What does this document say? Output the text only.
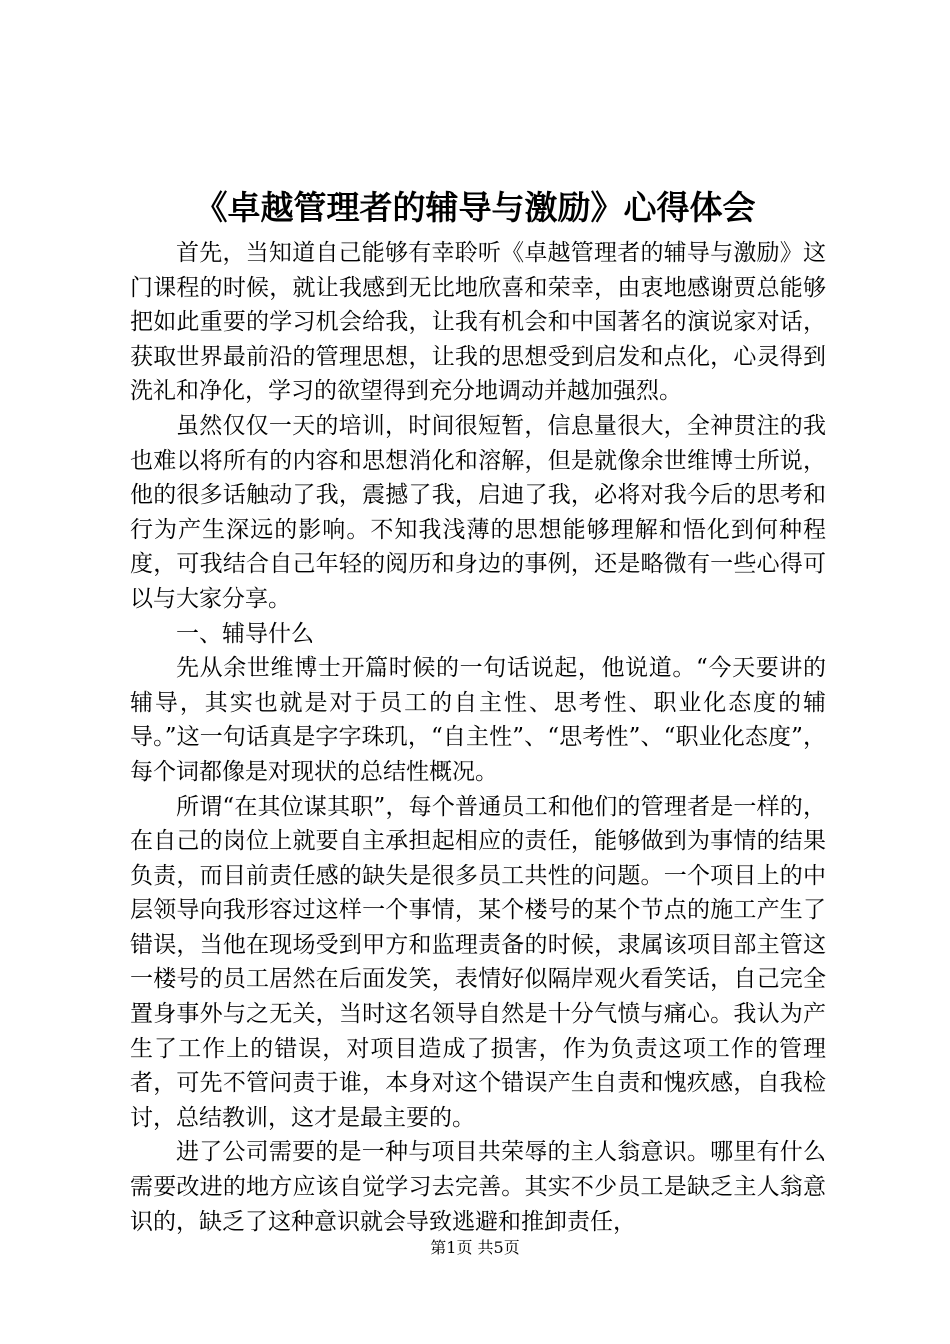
《卓越管理者的辅导与激励》心得体会

首先，当知道自己能够有幸聆听《卓越管理者的辅导与激励》这门课程的时候，就让我感到无比地欣喜和荣幸，由衷地感谢贾总能够把如此重要的学习机会给我，让我有机会和中国著名的演说家对话，获取世界最前沿的管理思想，让我的思想受到启发和点化，心灵得到洗礼和净化，学习的欲望得到充分地调动并越加强烈。

虽然仅仅一天的培训，时间很短暂，信息量很大，全神贯注的我也难以将所有的内容和思想消化和溶解，但是就像余世维博士所说，他的很多话触动了我，震撼了我，启迪了我，必将对我今后的思考和行为产生深远的影响。不知我浅薄的思想能够理解和悟化到何种程度，可我结合自己年轻的阅历和身边的事例，还是略微有一些心得可以与大家分享。

一、辅导什么

先从余世维博士开篇时候的一句话说起，他说道。“今天要讲的辅导，其实也就是对于员工的自主性、思考性、职业化态度的辅导。”这一句话真是字字珠玑，“自主性”、“思考性”、“职业化态度”，每个词都像是对现状的总结性概况。

所谓“在其位谋其职”，每个普通员工和他们的管理者是一样的，在自己的岗位上就要自主承担起相应的责任，能够做到为事情的结果负责，而目前责任感的缺失是很多员工共性的问题。一个项目上的中层领导向我形容过这样一个事情，某个楼号的某个节点的施工产生了错误，当他在现场受到甲方和监理责备的时候，隶属该项目部主管这一楼号的员工居然在后面发笑，表情好似隔岸观火看笑话，自己完全置身事外与之无关，当时这名领导自然是十分气愤与痛心。我认为产生了工作上的错误，对项目造成了损害，作为负责这项工作的管理者，可先不管问责于谁，本身对这个错误产生自责和愧疚感，自我检讨，总结教训，这才是最主要的。

进了公司需要的是一种与项目共荣辱的主人翁意识。哪里有什么需要改进的地方应该自觉学习去完善。其实不少员工是缺乏主人翁意识的，缺乏了这种意识就会导致逃避和推卸责任，

第1页 共5页
